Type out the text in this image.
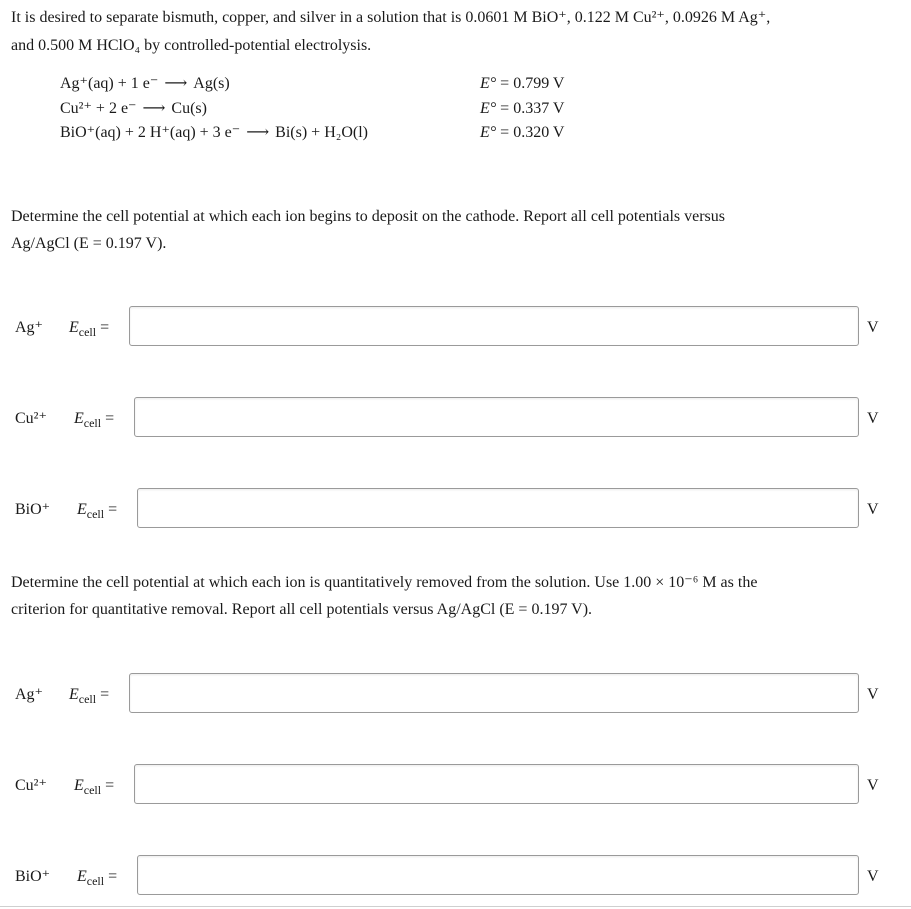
It is desired to separate bismuth, copper, and silver in a solution that is 0.0601 M BiO⁺, 0.122 M Cu²⁺, 0.0926 M Ag⁺,

and 0.500 M HClO₄ by controlled-potential electrolysis.

Ag⁺(aq) + 1 e⁻ ⟶ Ag(s)	E° = 0.799 V
Cu²⁺ + 2 e⁻ ⟶ Cu(s)	E° = 0.337 V
BiO⁺(aq) + 2 H⁺(aq) + 3 e⁻ ⟶ Bi(s) + H₂O(l)	E° = 0.320 V

Determine the cell potential at which each ion begins to deposit on the cathode. Report all cell potentials versus

Ag/AgCl (E = 0.197 V).

Ag⁺ $E_{cell}$ =	V
Cu²⁺ $E_{cell}$ =	V
BiO⁺ $E_{cell}$ =	V

Determine the cell potential at which each ion is quantitatively removed from the solution. Use 1.00 × 10⁻⁶ M as the

criterion for quantitative removal. Report all cell potentials versus Ag/AgCl (E = 0.197 V).

Ag⁺ $E_{cell}$ =	V
Cu²⁺ $E_{cell}$ =	V
BiO⁺ $E_{cell}$ =	V
